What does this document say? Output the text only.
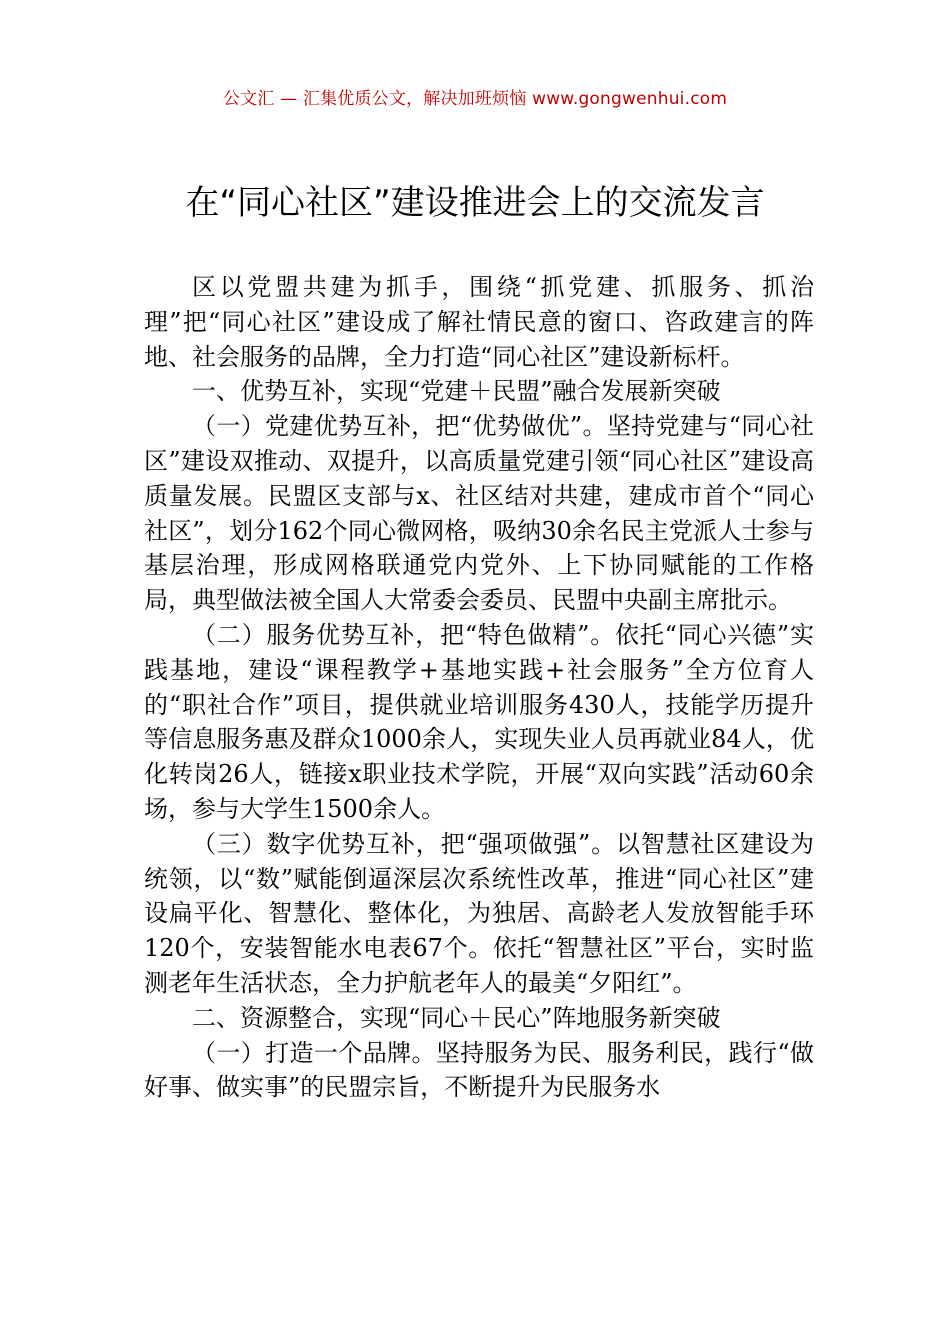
公文汇 — 汇集优质公文，解决加班烦恼 www.gongwenhui.com
在“同心社区”建设推进会上的交流发言

区以党盟共建为抓手，围绕“抓党建、抓服务、抓治理”把“同心社区”建设成了解社情民意的窗口、咨政建言的阵地、社会服务的品牌，全力打造“同心社区”建设新标杆。

一、优势互补，实现“党建＋民盟”融合发展新突破

（一）党建优势互补，把“优势做优”。坚持党建与“同心社区”建设双推动、双提升，以高质量党建引领“同心社区”建设高质量发展。民盟区支部与x、社区结对共建，建成市首个“同心社区”，划分162个同心微网格，吸纳30余名民主党派人士参与基层治理，形成网格联通党内党外、上下协同赋能的工作格局，典型做法被全国人大常委会委员、民盟中央副主席批示。

（二）服务优势互补，把“特色做精”。依托“同心兴德”实践基地，建设“课程教学+基地实践+社会服务”全方位育人的“职社合作”项目，提供就业培训服务430人，技能学历提升等信息服务惠及群众1000余人，实现失业人员再就业84人，优化转岗26人，链接x职业技术学院，开展“双向实践”活动60余场，参与大学生1500余人。

（三）数字优势互补，把“强项做强”。以智慧社区建设为统领，以“数”赋能倒逼深层次系统性改革，推进“同心社区”建设扁平化、智慧化、整体化，为独居、高龄老人发放智能手环120个，安装智能水电表67个。依托“智慧社区”平台，实时监测老年生活状态，全力护航老年人的最美“夕阳红”。

二、资源整合，实现“同心＋民心”阵地服务新突破

（一）打造一个品牌。坚持服务为民、服务利民，践行“做好事、做实事”的民盟宗旨，不断提升为民服务水
